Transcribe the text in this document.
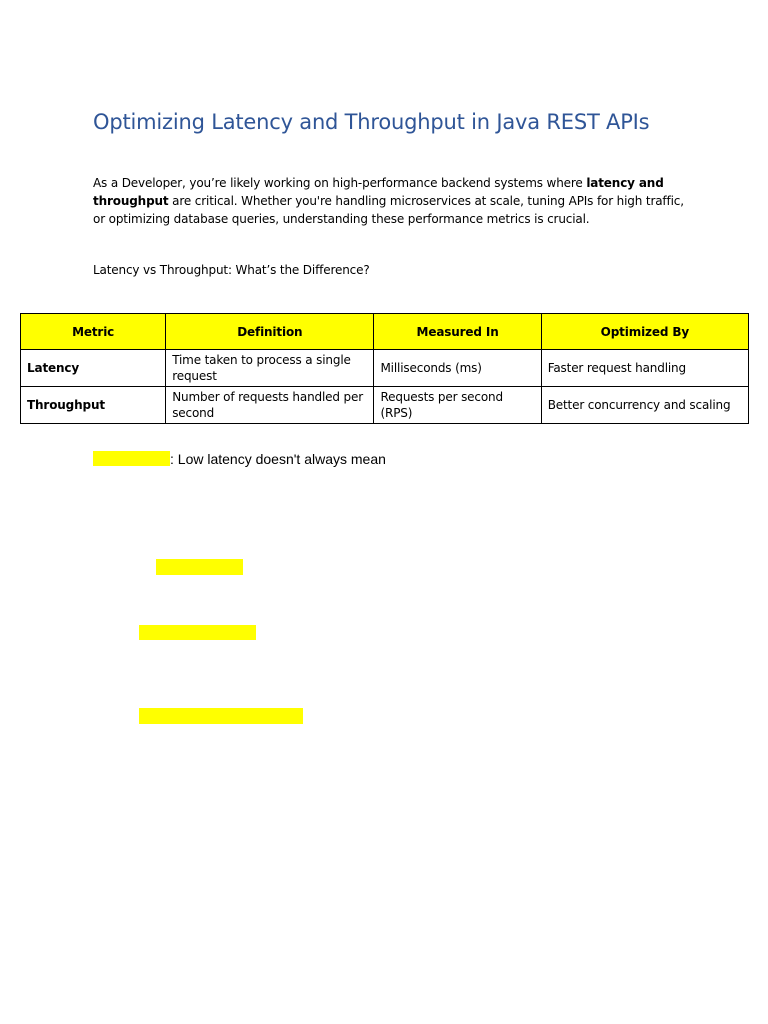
Optimizing Latency and Throughput in Java REST APIs

As a Developer, you’re likely working on high-performance backend systems where latency and throughput are critical. Whether you're handling microservices at scale, tuning APIs for high traffic, or optimizing database queries, understanding these performance metrics is crucial.

Latency vs Throughput: What’s the Difference?
Metric	Definition	Measured In	Optimized By
Latency	Time taken to process a single request	Milliseconds (ms)	Faster request handling
Throughput	Number of requests handled per second	Requests per second (RPS)	Better concurrency and scaling
: Low latency doesn't always mean
